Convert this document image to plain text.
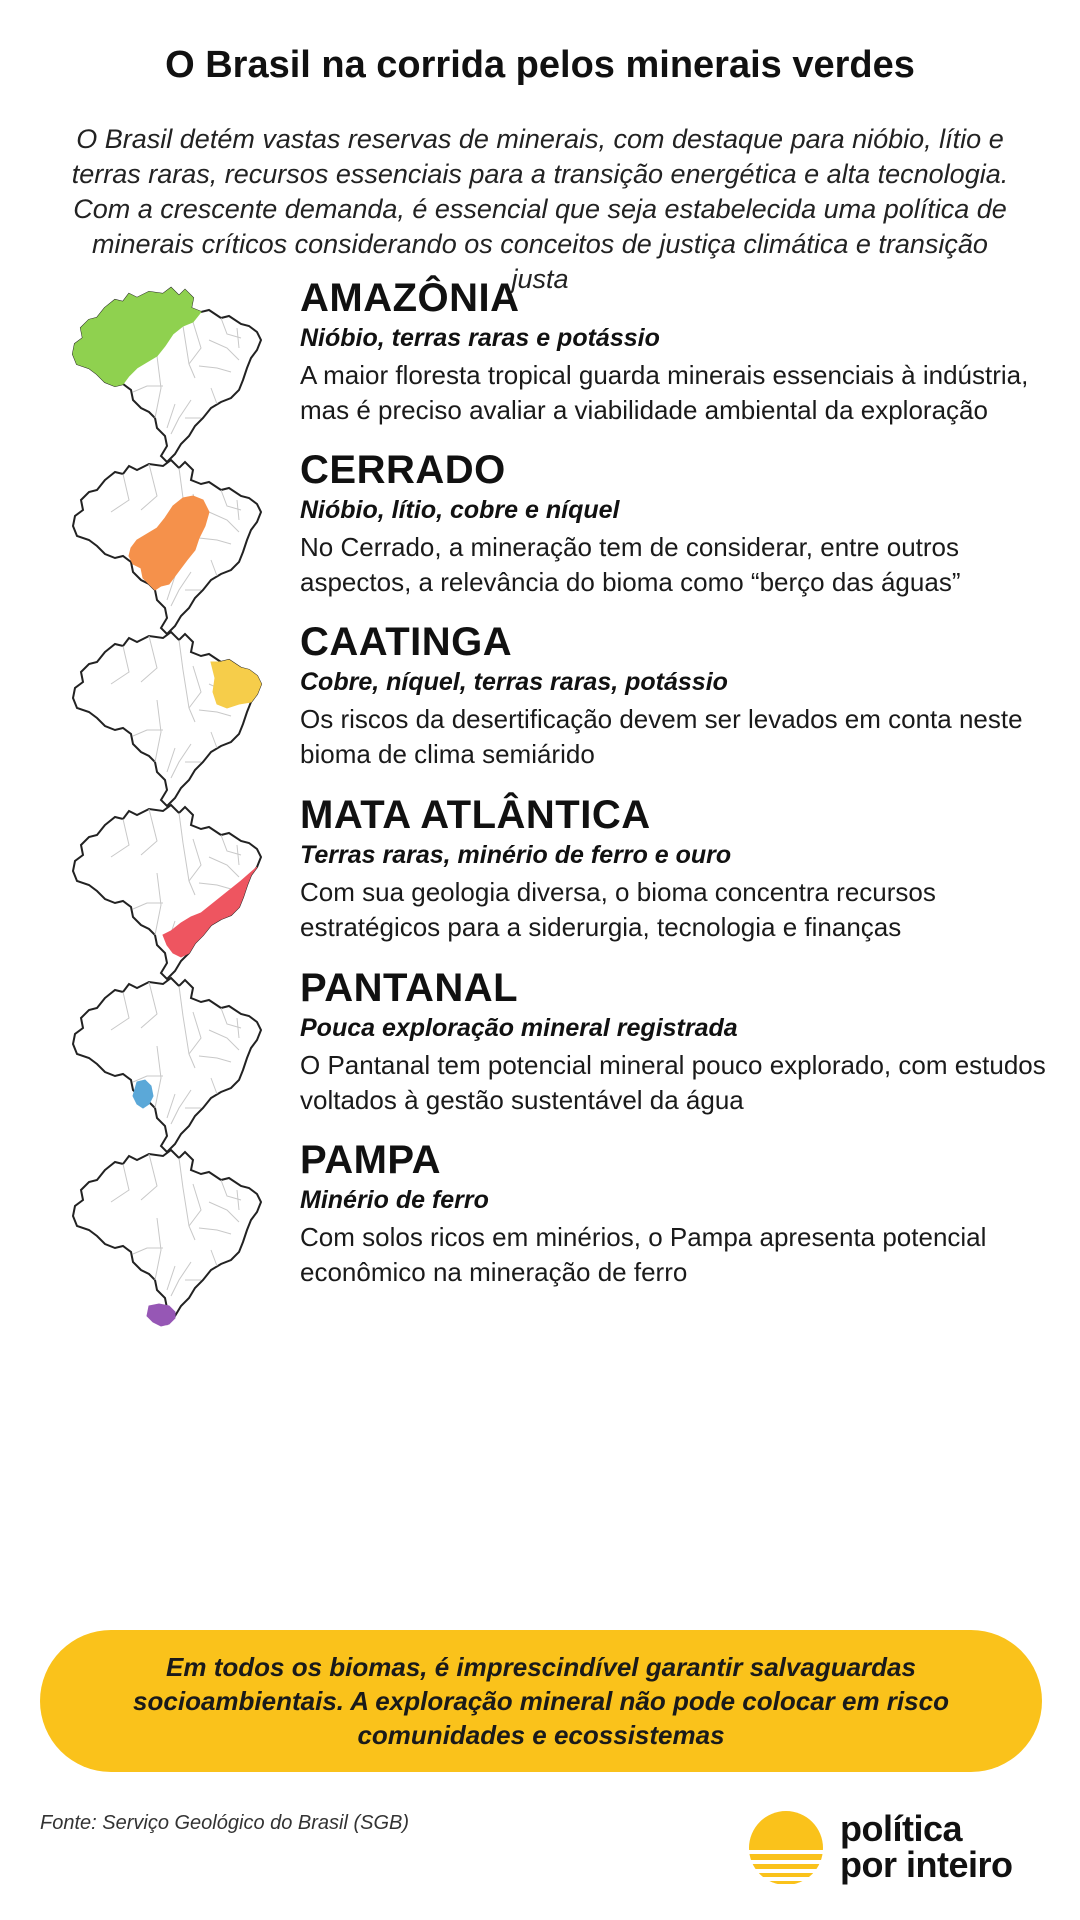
O Brasil na corrida pelos minerais verdes
O Brasil detém vastas reservas de minerais, com destaque para nióbio, lítio e terras raras, recursos essenciais para a transição energética e alta tecnologia. Com a crescente demanda, é essencial que seja estabelecida uma política de minerais críticos considerando os conceitos de justiça climática e transição justa
AMAZÔNIA
Nióbio, terras raras e potássio
A maior floresta tropical guarda minerais essenciais à indústria, mas é preciso avaliar a viabilidade ambiental da exploração
CERRADO
Nióbio, lítio, cobre e níquel
No Cerrado, a mineração tem de considerar, entre outros aspectos, a relevância do bioma como “berço das águas”
CAATINGA
Cobre, níquel, terras raras, potássio
Os riscos da desertificação devem ser levados em conta neste bioma de clima semiárido
MATA ATLÂNTICA
Terras raras, minério de ferro e ouro
Com sua geologia diversa, o bioma concentra recursos estratégicos para a siderurgia, tecnologia e finanças
PANTANAL
Pouca exploração mineral registrada
O Pantanal tem potencial mineral pouco explorado, com estudos voltados à gestão sustentável da água
PAMPA
Minério de ferro
Com solos ricos em minérios, o Pampa apresenta potencial econômico na mineração de ferro
Em todos os biomas, é imprescindível garantir salvaguardas socioambientais. A exploração mineral não pode colocar em risco comunidades e ecossistemas
Fonte: Serviço Geológico do Brasil (SGB)	política
por inteiro
